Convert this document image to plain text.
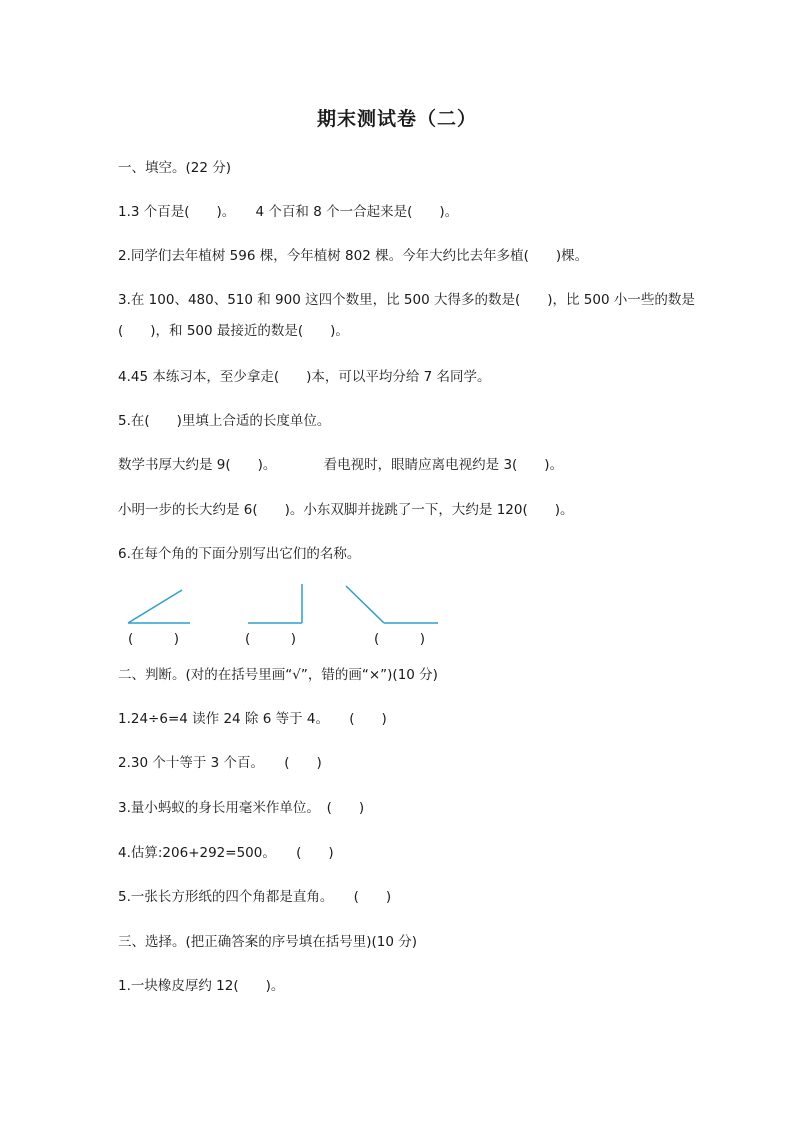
期末测试卷（二）
一、填空。(22 分)
1.3 个百是(　　)。　　4 个百和 8 个一合起来是(　　)。
2.同学们去年植树 596 棵，今年植树 802 棵。今年大约比去年多植(　　)棵。
3.在 100、480、510 和 900 这四个数里，比 500 大得多的数是(　　)，比 500 小一些的数是
(　　)，和 500 最接近的数是(　　)。
4.45 本练习本，至少拿走(　　)本，可以平均分给 7 名同学。
5.在(　　)里填上合适的长度单位。
数学书厚大约是 9(　　)。　　　　看电视时，眼睛应离电视约是 3(　　)。
小明一步的长大约是 6(　　)。小东双脚并拢跳了一下，大约是 120(　　)。
6.在每个角的下面分别写出它们的名称。
(　　　)	(　　　)	(　　　)
二、判断。(对的在括号里画“√”，错的画“×”)(10 分)
1.24÷6=4 读作 24 除 6 等于 4。　　(　　)
2.30 个十等于 3 个百。　　(　　)
3.量小蚂蚁的身长用毫米作单位。　(　　)
4.估算:206+292=500。　　(　　)
5.一张长方形纸的四个角都是直角。　　(　　)
三、选择。(把正确答案的序号填在括号里)(10 分)
1.一块橡皮厚约 12(　　)。
